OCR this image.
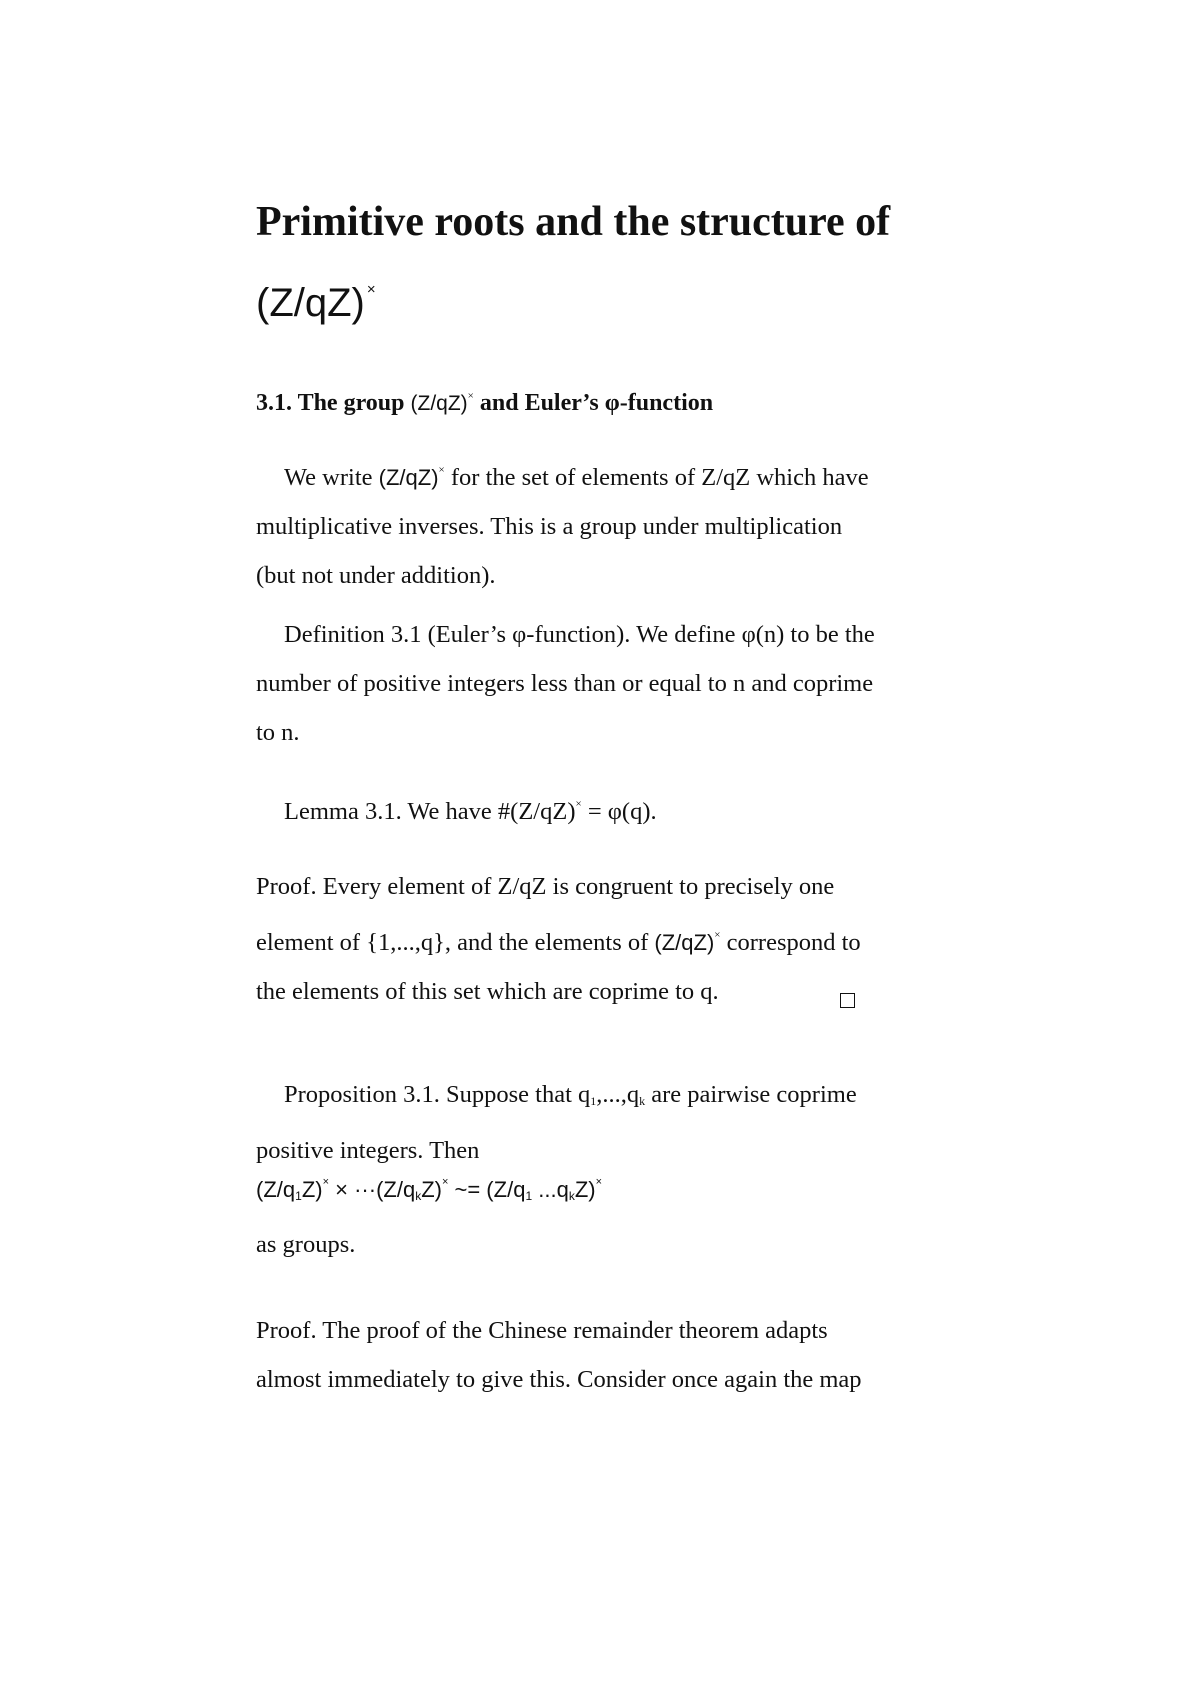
Primitive roots and the structure of
(Z/qZ) ×
3.1. The group (Z/qZ)× and Euler’s φ-function

We write (Z/qZ)× for the set of elements of Z/qZ which have

multiplicative inverses. This is a group under multiplication

(but not under addition).

Definition 3.1 (Euler’s φ-function). We define φ(n) to be the

number of positive integers less than or equal to n and coprime

to n.

Lemma 3.1. We have #(Z/qZ)× = φ(q).

Proof. Every element of Z/qZ is congruent to precisely one

element of {1,...,q}, and the elements of (Z/qZ)× correspond to

the elements of this set which are coprime to q.

Proposition 3.1. Suppose that $q_1,...,q_k$ are pairwise coprime

positive integers. Then

$(Z/q_1Z)^\times \times \cdot\cdot\cdot(Z/q_kZ)^\times$ ~= ($Z/q_1$ $...q_kZ)^\times$

as groups.

Proof. The proof of the Chinese remainder theorem adapts

almost immediately to give this. Consider once again the map
